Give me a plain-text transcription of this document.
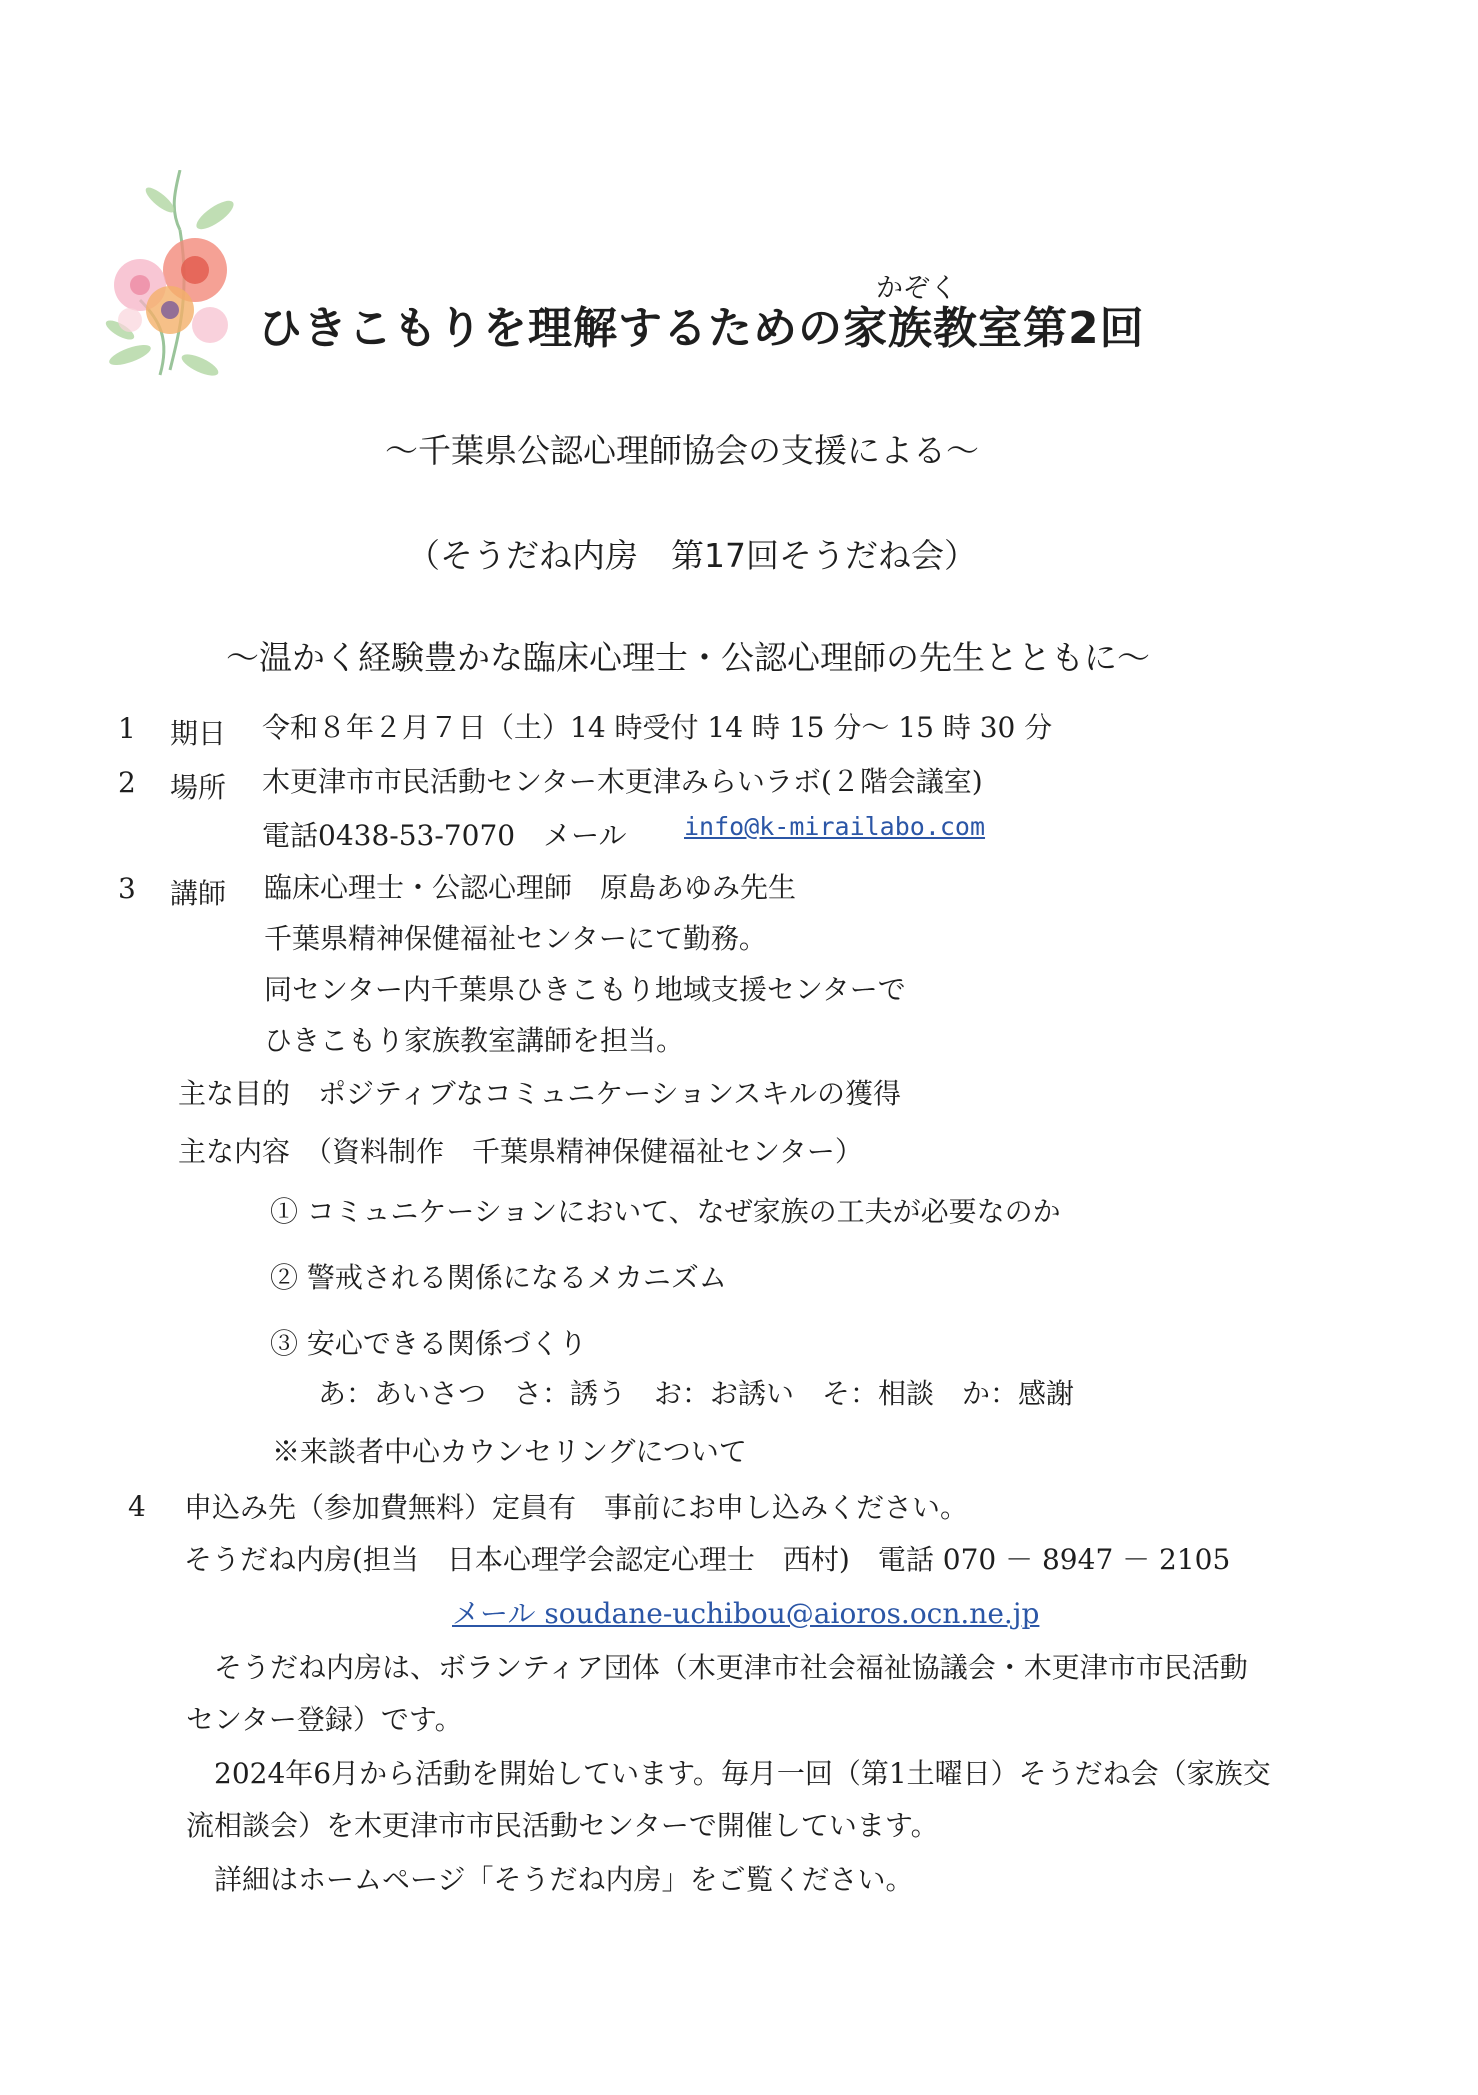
かぞく
ひきこもりを理解するための家族教室第2回
～千葉県公認心理師協会の支援による～
（そうだね内房　第17回そうだね会）
～温かく経験豊かな臨床心理士・公認心理師の先生とともに～
1 期日 令和８年２月７日（土）14 時受付 14 時 15 分～ 15 時 30 分
2 場所 木更津市市民活動センター木更津みらいラボ(２階会議室)
電話0438-53-7070　メール info@k-mirailabo.com
3 講師 臨床心理士・公認心理師　原島あゆみ先生
千葉県精神保健福祉センターにて勤務。
同センター内千葉県ひきこもり地域支援センターで
ひきこもり家族教室講師を担当。
主な目的　ポジティブなコミュニケーションスキルの獲得
主な内容　（資料制作　千葉県精神保健福祉センター）
① コミュニケーションにおいて、なぜ家族の工夫が必要なのか
② 警戒される関係になるメカニズム
③ 安心できる関係づくり
あ：あいさつ　さ：誘う　お：お誘い　そ：相談　か：感謝
※来談者中心カウンセリングについて
4 申込み先（参加費無料）定員有　事前にお申し込みください。
そうだね内房(担当　日本心理学会認定心理士　西村)　電話 070 － 8947 － 2105
メール soudane-uchibou@aioros.ocn.ne.jp
そうだね内房は、ボランティア団体（木更津市社会福祉協議会・木更津市市民活動
センター登録）です。
2024年6月から活動を開始しています。毎月一回（第1土曜日）そうだね会（家族交
流相談会）を木更津市市民活動センターで開催しています。
詳細はホームページ「そうだね内房」をご覧ください。
